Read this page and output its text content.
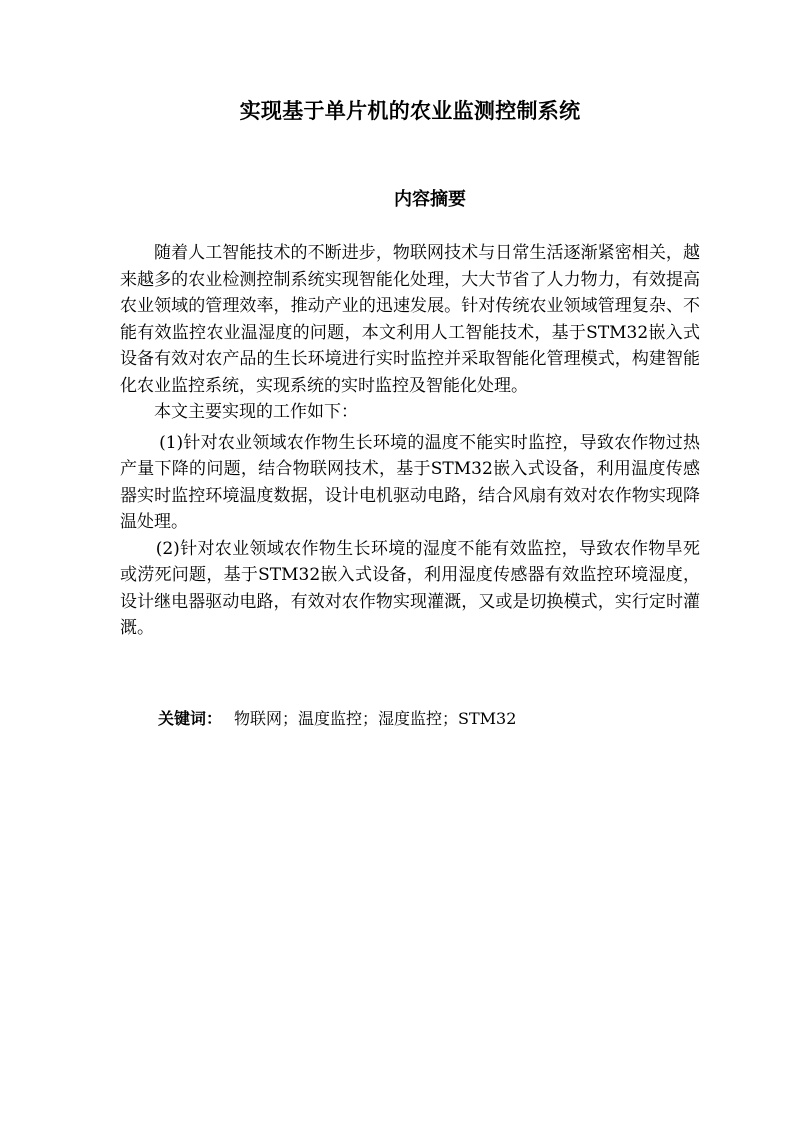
实现基于单片机的农业监测控制系统
内容摘要

随着人工智能技术的不断进步，物联网技术与日常生活逐渐紧密相关，越来越多的农业检测控制系统实现智能化处理，大大节省了人力物力，有效提高农业领域的管理效率，推动产业的迅速发展。针对传统农业领域管理复杂、不能有效监控农业温湿度的问题，本文利用人工智能技术，基于STM32嵌入式设备有效对农产品的生长环境进行实时监控并采取智能化管理模式，构建智能化农业监控系统，实现系统的实时监控及智能化处理。

本文主要实现的工作如下：

(1)针对农业领域农作物生长环境的温度不能实时监控，导致农作物过热产量下降的问题，结合物联网技术，基于STM32嵌入式设备，利用温度传感器实时监控环境温度数据，设计电机驱动电路，结合风扇有效对农作物实现降温处理。

(2)针对农业领域农作物生长环境的湿度不能有效监控，导致农作物旱死或涝死问题，基于STM32嵌入式设备，利用湿度传感器有效监控环境湿度，设计继电器驱动电路，有效对农作物实现灌溉，又或是切换模式，实行定时灌溉。

关键词： 物联网；温度监控；湿度监控；STM32
